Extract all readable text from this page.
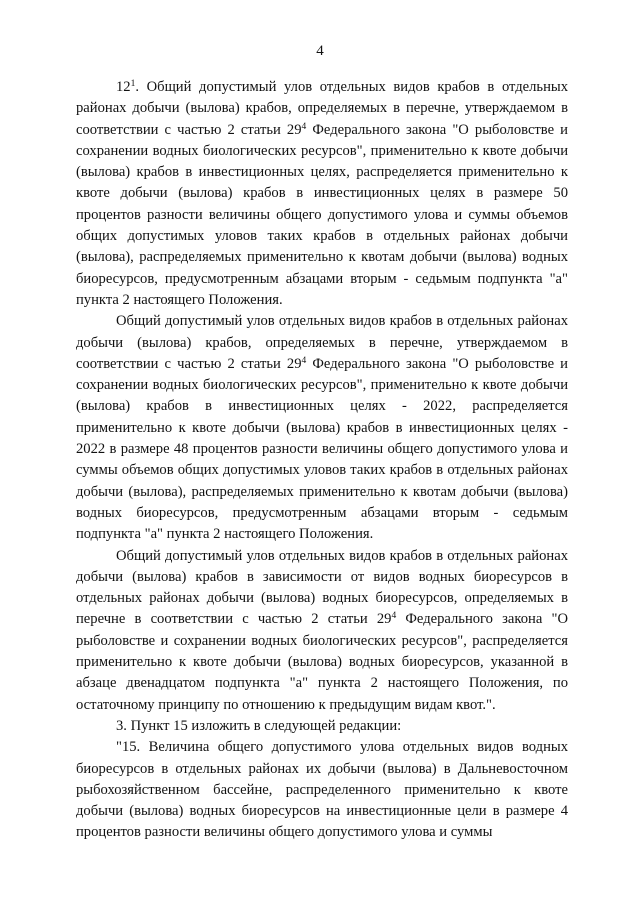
4

$12^1$. Общий допустимый улов отдельных видов крабов в отдельных районах добычи (вылова) крабов, определяемых в перечне, утверждаемом в соответствии с частью 2 статьи $29^4$ Федерального закона "О рыболовстве и сохранении водных биологических ресурсов", применительно к квоте добычи (вылова) крабов в инвестиционных целях, распределяется применительно к квоте добычи (вылова) крабов в инвестиционных целях в размере 50 процентов разности величины общего допустимого улова и суммы объемов общих допустимых уловов таких крабов в отдельных районах добычи (вылова), распределяемых применительно к квотам добычи (вылова) водных биоресурсов, предусмотренным абзацами вторым - седьмым подпункта "а" пункта 2 настоящего Положения.

Общий допустимый улов отдельных видов крабов в отдельных районах добычи (вылова) крабов, определяемых в перечне, утверждаемом в соответствии с частью 2 статьи $29^4$ Федерального закона "О рыболовстве и сохранении водных биологических ресурсов", применительно к квоте добычи (вылова) крабов в инвестиционных целях - 2022, распределяется применительно к квоте добычи (вылова) крабов в инвестиционных целях - 2022 в размере 48 процентов разности величины общего допустимого улова и суммы объемов общих допустимых уловов таких крабов в отдельных районах добычи (вылова), распределяемых применительно к квотам добычи (вылова) водных биоресурсов, предусмотренным абзацами вторым - седьмым подпункта "а" пункта 2 настоящего Положения.

Общий допустимый улов отдельных видов крабов в отдельных районах добычи (вылова) крабов в зависимости от видов водных биоресурсов в отдельных районах добычи (вылова) водных биоресурсов, определяемых в перечне в соответствии с частью 2 статьи $29^4$ Федерального закона "О рыболовстве и сохранении водных биологических ресурсов", распределяется применительно к квоте добычи (вылова) водных биоресурсов, указанной в абзаце двенадцатом подпункта "а" пункта 2 настоящего Положения, по остаточному принципу по отношению к предыдущим видам квот.".

3. Пункт 15 изложить в следующей редакции:

"15. Величина общего допустимого улова отдельных видов водных биоресурсов в отдельных районах их добычи (вылова) в Дальневосточном рыбохозяйственном бассейне, распределенного применительно к квоте добычи (вылова) водных биоресурсов на инвестиционные цели в размере 4 процентов разности величины общего допустимого улова и суммы
